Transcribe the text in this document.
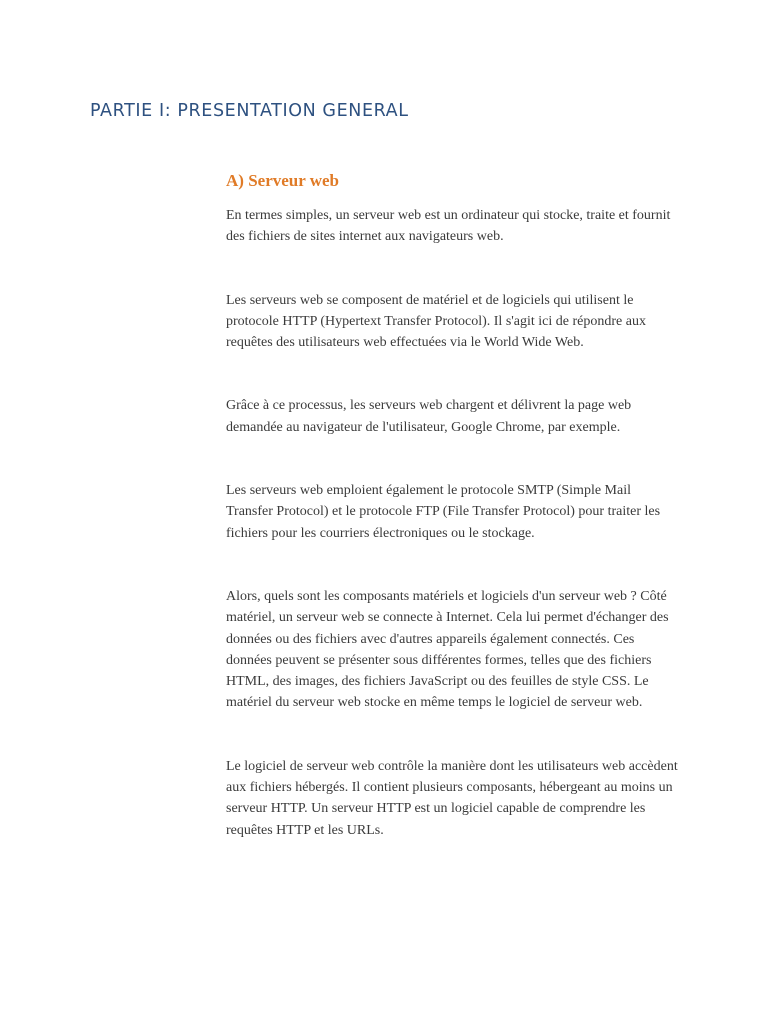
PARTIE I: PRESENTATION GENERAL
A) Serveur web

En termes simples, un serveur web est un ordinateur qui stocke, traite et fournit des fichiers de sites internet aux navigateurs web.

Les serveurs web se composent de matériel et de logiciels qui utilisent le protocole HTTP (Hypertext Transfer Protocol). Il s'agit ici de répondre aux requêtes des utilisateurs web effectuées via le World Wide Web.

Grâce à ce processus, les serveurs web chargent et délivrent la page web demandée au navigateur de l'utilisateur, Google Chrome, par exemple.

Les serveurs web emploient également le protocole SMTP (Simple Mail Transfer Protocol) et le protocole FTP (File Transfer Protocol) pour traiter les fichiers pour les courriers électroniques ou le stockage.

Alors, quels sont les composants matériels et logiciels d'un serveur web ? Côté matériel, un serveur web se connecte à Internet. Cela lui permet d'échanger des données ou des fichiers avec d'autres appareils également connectés. Ces données peuvent se présenter sous différentes formes, telles que des fichiers HTML, des images, des fichiers JavaScript ou des feuilles de style CSS. Le matériel du serveur web stocke en même temps le logiciel de serveur web.

Le logiciel de serveur web contrôle la manière dont les utilisateurs web accèdent aux fichiers hébergés. Il contient plusieurs composants, hébergeant au moins un serveur HTTP. Un serveur HTTP est un logiciel capable de comprendre les requêtes HTTP et les URLs.
